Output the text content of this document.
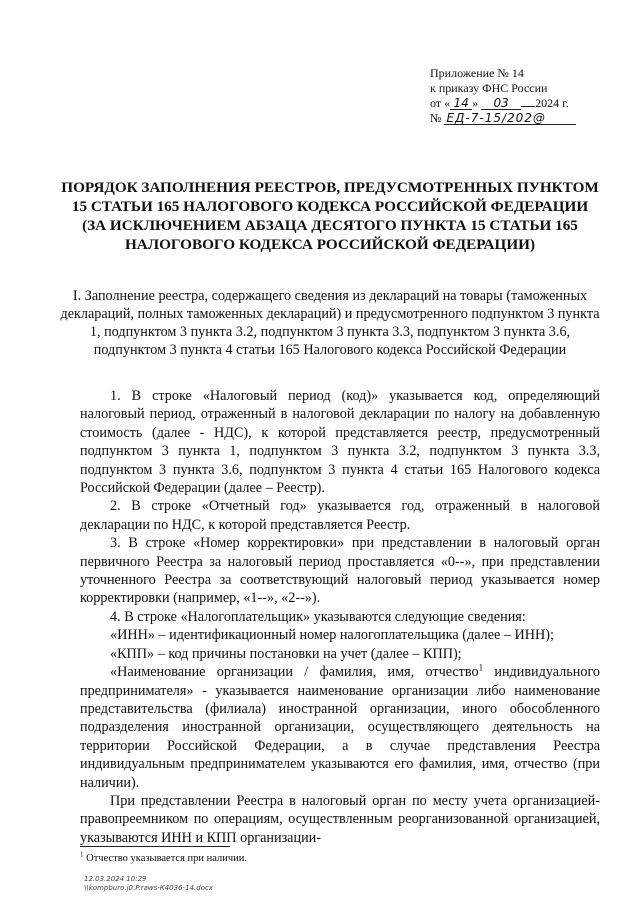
Приложение № 14
к приказу ФНС России
от « 14 » 03 2024 г.
№ ЕД-7-15/202@
ПОРЯДОК ЗАПОЛНЕНИЯ РЕЕСТРОВ, ПРЕДУСМОТРЕННЫХ ПУНКТОМ 15 СТАТЬИ 165 НАЛОГОВОГО КОДЕКСА РОССИЙСКОЙ ФЕДЕРАЦИИ (ЗА ИСКЛЮЧЕНИЕМ АБЗАЦА ДЕСЯТОГО ПУНКТА 15 СТАТЬИ 165 НАЛОГОВОГО КОДЕКСА РОССИЙСКОЙ ФЕДЕРАЦИИ)
I. Заполнение реестра, содержащего сведения из деклараций на товары (таможенных деклараций, полных таможенных деклараций) и предусмотренного подпунктом 3 пункта 1, подпунктом 3 пункта 3.2, подпунктом 3 пункта 3.3, подпунктом 3 пункта 3.6, подпунктом 3 пункта 4 статьи 165 Налогового кодекса Российской Федерации

1. В строке «Налоговый период (код)» указывается код, определяющий налоговый период, отраженный в налоговой декларации по налогу на добавленную стоимость (далее - НДС), к которой представляется реестр, предусмотренный подпунктом 3 пункта 1, подпунктом 3 пункта 3.2, подпунктом 3 пункта 3.3, подпунктом 3 пункта 3.6, подпунктом 3 пункта 4 статьи 165 Налогового кодекса Российской Федерации (далее – Реестр).

2. В строке «Отчетный год» указывается год, отраженный в налоговой декларации по НДС, к которой представляется Реестр.

3. В строке «Номер корректировки» при представлении в налоговый орган первичного Реестра за налоговый период проставляется «0--», при представлении уточненного Реестра за соответствующий налоговый период указывается номер корректировки (например, «1--», «2--»).

4. В строке «Налогоплательщик» указываются следующие сведения:

«ИНН» – идентификационный номер налогоплательщика (далее – ИНН);

«КПП» – код причины постановки на учет (далее – КПП);

«Наименование организации / фамилия, имя, отчество$^1$ индивидуального предпринимателя» - указывается наименование организации либо наименование представительства (филиала) иностранной организации, иного обособленного подразделения иностранной организации, осуществляющего деятельность на территории Российской Федерации, а в случае представления Реестра индивидуальным предпринимателем указываются его фамилия, имя, отчество (при наличии).

При представлении Реестра в налоговый орган по месту учета организацией-правопреемником по операциям, осуществленным реорганизованной организацией, указываются ИНН и КПП организации-

$^1$ Отчество указывается при наличии.
12.03.2024 10:29
\\kompburo.j0.P.raws-К4036-14.docx
